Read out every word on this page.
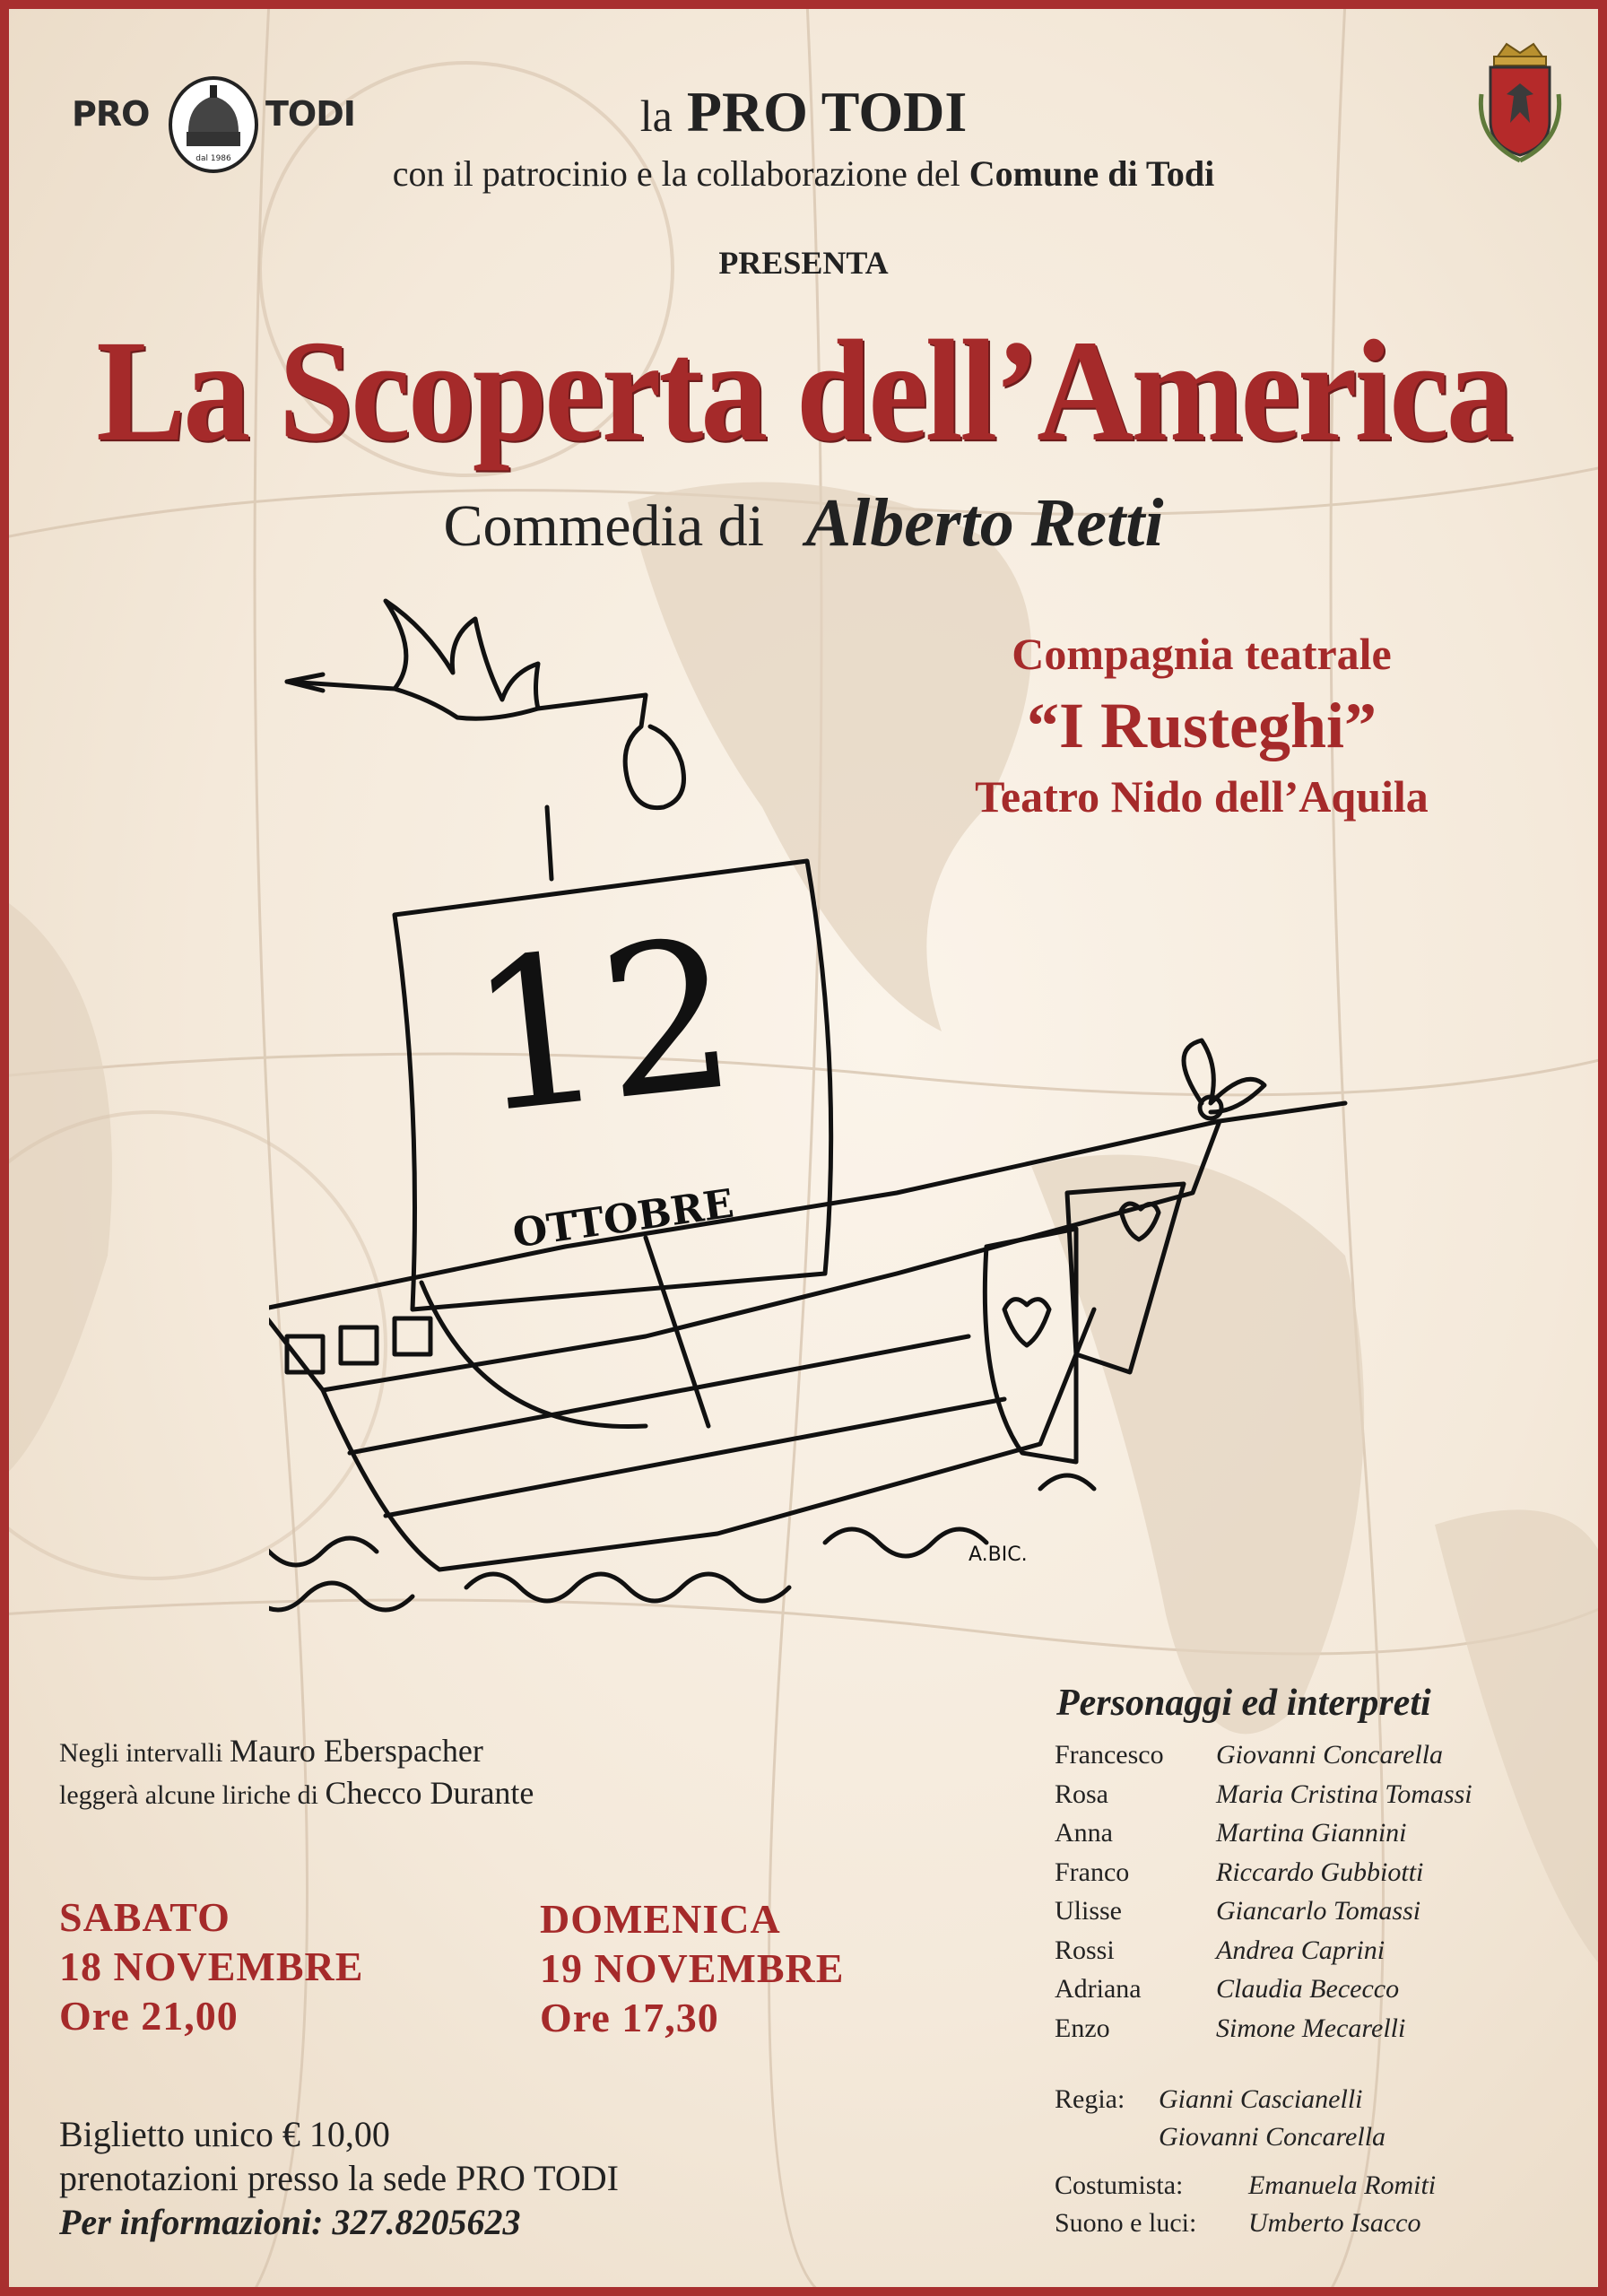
PRO
dal 1986
TODI	la PRO TODI
con il patrocinio e la collaborazione del Comune di Todi
PRESENTA
La Scoperta dell’America
Commedia di Alberto Retti
Compagnia teatrale
“I Rusteghi”
Teatro Nido dell’Aquila
12
OTTOBRE
A.BIC.
Personaggi ed interpreti
Francesco	Giovanni Concarella
Rosa	Maria Cristina Tomassi
Anna	Martina Giannini
Franco	Riccardo Gubbiotti
Ulisse	Giancarlo Tomassi
Rossi	Andrea Caprini
Adriana	Claudia Bececco
Enzo	Simone Mecarelli
Negli intervalli Mauro Eberspacher
leggerà alcune liriche di Checco Durante
SABATO
18 NOVEMBRE
Ore 21,00
DOMENICA
19 NOVEMBRE
Ore 17,30
Biglietto unico € 10,00
prenotazioni presso la sede PRO TODI
Per informazioni: 327.8205623
Regia: Gianni Cascianelli
Giovanni Concarella
Costumista: Emanuela Romiti
Suono e luci: Umberto Isacco
